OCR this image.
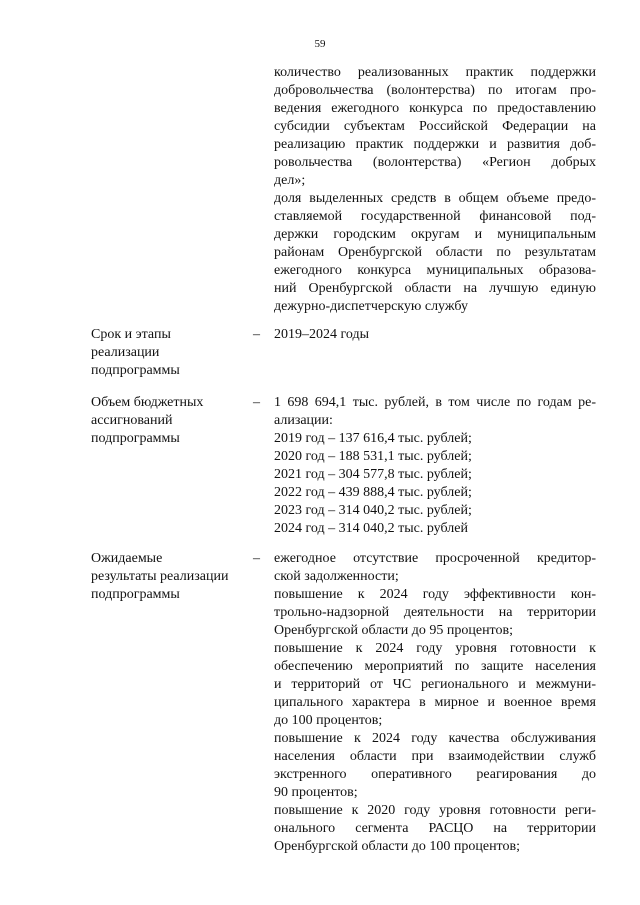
59

количество реализованных практик поддержки

добровольчества (волонтерства) по итогам про-

ведения ежегодного конкурса по предоставлению

субсидии субъектам Российской Федерации на

реализацию практик поддержки и развития доб-

ровольчества (волонтерства) «Регион добрых

дел»;

доля выделенных средств в общем объеме предо-

ставляемой государственной финансовой под-

держки городским округам и муниципальным

районам Оренбургской области по результатам

ежегодного конкурса муниципальных образова-

ний Оренбургской области на лучшую единую

дежурно-диспетчерскую службу

Срок и этапы

реализации

подпрограммы

– 2019–2024 годы

Объем бюджетных

ассигнований

подпрограммы

– 1 698 694,1 тыс. рублей, в том числе по годам ре-

ализации:

2019 год – 137 616,4 тыс. рублей;

2020 год – 188 531,1 тыс. рублей;

2021 год – 304 577,8 тыс. рублей;

2022 год – 439 888,4 тыс. рублей;

2023 год – 314 040,2 тыс. рублей;

2024 год – 314 040,2 тыс. рублей

Ожидаемые

результаты реализации

подпрограммы

– ежегодное отсутствие просроченной кредитор-

ской задолженности;

повышение к 2024 году эффективности кон-

трольно-надзорной деятельности на территории

Оренбургской области до 95 процентов;

повышение к 2024 году уровня готовности к

обеспечению мероприятий по защите населения

и территорий от ЧС регионального и межмуни-

ципального характера в мирное и военное время

до 100 процентов;

повышение к 2024 году качества обслуживания

населения области при взаимодействии служб

экстренного оперативного реагирования до

90 процентов;

повышение к 2020 году уровня готовности реги-

онального сегмента РАСЦО на территории

Оренбургской области до 100 процентов;
